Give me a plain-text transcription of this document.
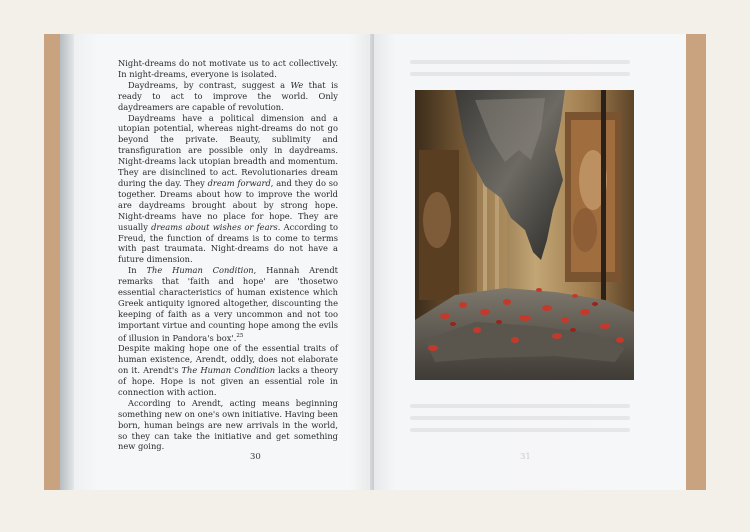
Night-dreams do not motivate us to act collectively. In night-dreams, everyone is isolated.

Daydreams, by contrast, suggest a We that is ready to act to improve the world. Only daydreamers are capable of revolution.

Daydreams have a political dimension and a utopian potential, whereas night-dreams do not go beyond the private. Beauty, sublimity and transfiguration are possible only in daydreams. Night-dreams lack utopian breadth and momentum. They are disinclined to act. Revolutionaries dream during the day. They dream forward, and they do so together. Dreams about how to improve the world are daydreams brought about by strong hope. Night-dreams have no place for hope. They are usually dreams about wishes or fears. According to Freud, the function of dreams is to come to terms with past traumata. Night-dreams do not have a future dimension.

In The Human Condition, Hannah Arendt remarks that 'faith and hope' are 'thosetwo essential characteristics of human existence which Greek antiquity ignored altogether, discounting the keeping of faith as a very uncommon and not too important virtue and counting hope among the evils of illusion in Pandora's box'.$^{25}$

Despite making hope one of the essential traits of human existence, Arendt, oddly, does not elaborate on it. Arendt's The Human Condition lacks a theory of hope. Hope is not given an essential role in connection with action.

According to Arendt, acting means beginning something new on one's own initiative. Having been born, human beings are new arrivals in the world, so they can take the initiative and get something new going.

30	31
